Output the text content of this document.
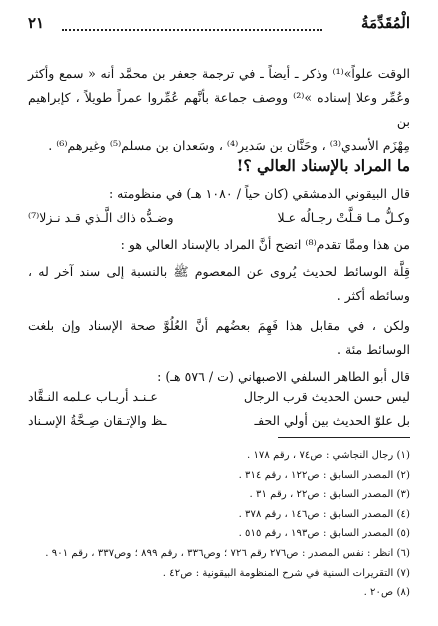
الْمُقَدِّمَةُ
٢١
الوقت علواً»⁽¹⁾ وذكر ـ أيضاً ـ في ترجمة جعفر بن محمَّد أنه « سمع وأكثر
وعُمِّر وعلا إسناده »⁽²⁾ ووصف جماعة بأنَّهم عُمِّروا عمراً طويلاً ، كإبراهيم بن
مِهْزَم الأسدي⁽³⁾ ، وحَنَّان بن سَدير⁽⁴⁾ ، وسَعدان بن مسلم⁽⁵⁾ وغيرهم⁽⁶⁾ .
ما المراد بالإسناد العالي ؟!
قال البيقوني الدمشقي (كان حياً / ١٠٨٠ هـ) في منظومته :
وكـلُّ مـا قـلَّتْ رجـالُه عـلا
وضـدُّه ذاك الَّـذي قـد نـزلا⁽⁷⁾
من هذا وممَّا تقدم⁽⁸⁾ اتضح أنَّ المراد بالإسناد العالي هو :
قِلَّة الوسائط لحديث يُروى عن المعصوم ﷺ بالنسبة إلى سند آخر له ،
وسائطه أكثر .
ولكن ، في مقابل هذا فَهِمَ بعضُهم أنَّ العُلُوَّ صحة الإسناد وإن بلغت
الوسائط مئة .
قال أبو الطاهر السلفي الاصبهاني (ت / ٥٧٦ هـ) :
ليس حسن الحديث قرب الرجال
عـنـد أربـاب عـلمه النـقَّاد
بل علوّ الحديث بين أولي الحفـ
ـظ والإتـقان صِـحَّةُ الإسـناد
(١) رجال النجاشي : ص٧٤ ، رقم ١٧٨ .
(٢) المصدر السابق : ص١٢٢ ، رقم ٣١٤ .
(٣) المصدر السابق : ص٢٢ ، رقم ٣١ .
(٤) المصدر السابق : ص١٤٦ ، رقم ٣٧٨ .
(٥) المصدر السابق : ص١٩٣ ، رقم ٥١٥ .
(٦) انظر : نفس المصدر : ص٢٧٦ رقم ٧٢٦ ؛ وص٣٣٦ ، رقم ٨٩٩ ؛ وص٣٣٧ ، رقم ٩٠١ .
(٧) التقريرات السنية في شرح المنظومة البيقونية : ص٤٢ .
(٨) ص٢٠ .
